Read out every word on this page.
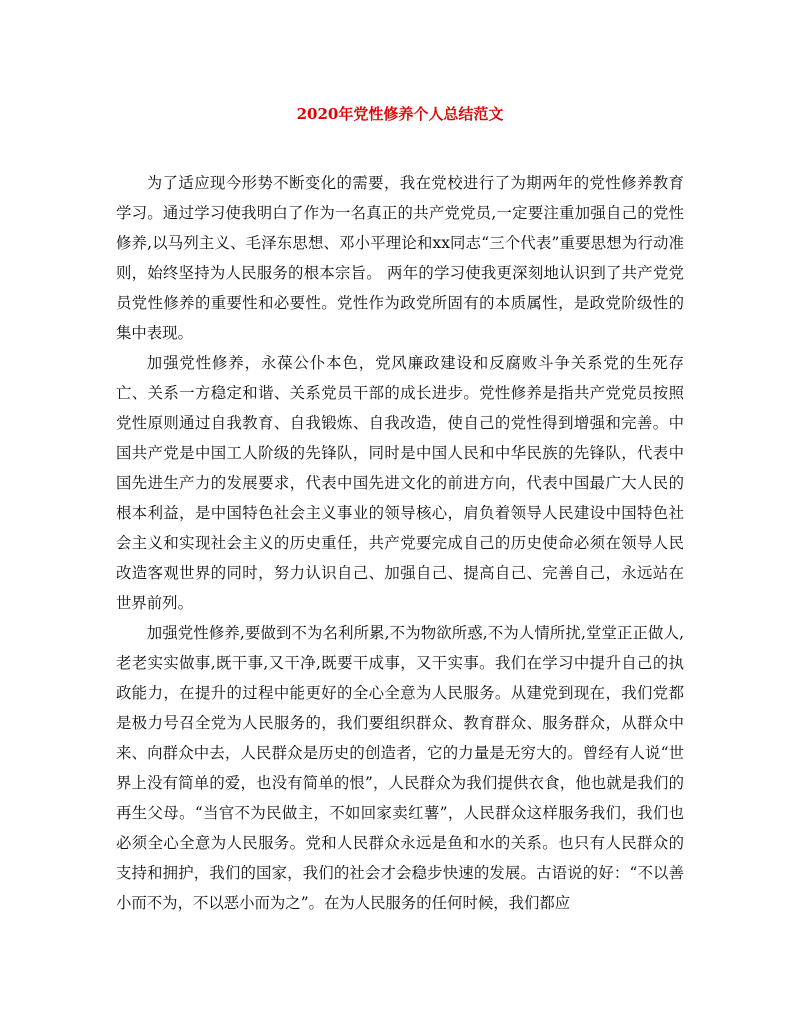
2020年党性修养个人总结范文

为了适应现今形势不断变化的需要，我在党校进行了为期两年的党性修养教育学习。通过学习使我明白了作为一名真正的共产党党员,一定要注重加强自己的党性修养,以马列主义、毛泽东思想、邓小平理论和xx同志“三个代表”重要思想为行动准则，始终坚持为人民服务的根本宗旨。 两年的学习使我更深刻地认识到了共产党党员党性修养的重要性和必要性。党性作为政党所固有的本质属性，是政党阶级性的集中表现。

加强党性修养，永葆公仆本色，党风廉政建设和反腐败斗争关系党的生死存亡、关系一方稳定和谐、关系党员干部的成长进步。党性修养是指共产党党员按照党性原则通过自我教育、自我锻炼、自我改造，使自己的党性得到增强和完善。中国共产党是中国工人阶级的先锋队，同时是中国人民和中华民族的先锋队，代表中国先进生产力的发展要求，代表中国先进文化的前进方向，代表中国最广大人民的根本利益，是中国特色社会主义事业的领导核心，肩负着领导人民建设中国特色社会主义和实现社会主义的历史重任，共产党要完成自己的历史使命必须在领导人民改造客观世界的同时，努力认识自己、加强自己、提高自己、完善自己，永远站在世界前列。

加强党性修养,要做到不为名利所累,不为物欲所惑,不为人情所扰,堂堂正正做人,老老实实做事,既干事,又干净,既要干成事，又干实事。我们在学习中提升自己的执政能力，在提升的过程中能更好的全心全意为人民服务。从建党到现在，我们党都是极力号召全党为人民服务的，我们要组织群众、教育群众、服务群众，从群众中来、向群众中去，人民群众是历史的创造者，它的力量是无穷大的。曾经有人说“世界上没有简单的爱，也没有简单的恨”，人民群众为我们提供衣食，他也就是我们的再生父母。“当官不为民做主，不如回家卖红薯”，人民群众这样服务我们，我们也必须全心全意为人民服务。党和人民群众永远是鱼和水的关系。也只有人民群众的支持和拥护，我们的国家，我们的社会才会稳步快速的发展。古语说的好：“不以善小而不为，不以恶小而为之”。在为人民服务的任何时候，我们都应
